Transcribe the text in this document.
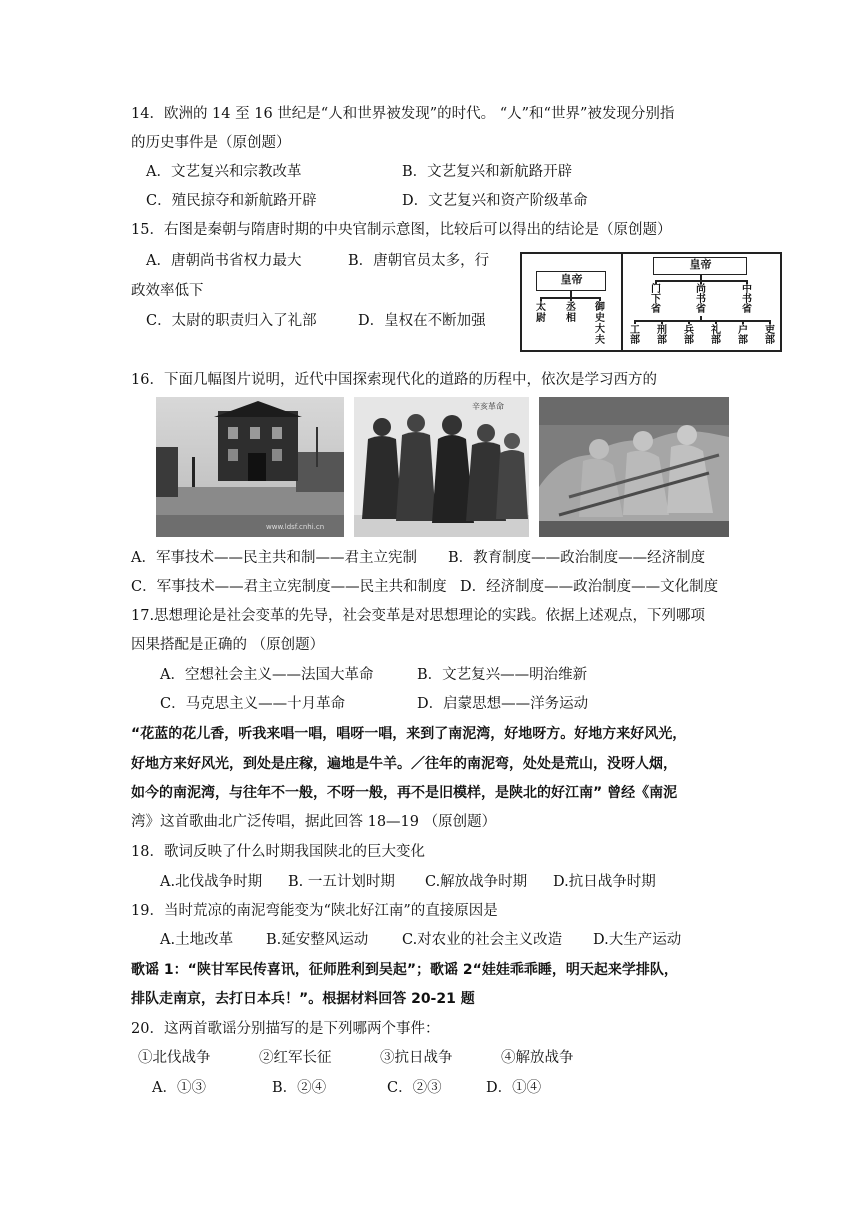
14．欧洲的 14 至 16 世纪是“人和世界被发现”的时代。 “人”和“世界”被发现分别指
的历史事件是（原创题）
A．文艺复兴和宗教改革	B．文艺复兴和新航路开辟
C．殖民掠夺和新航路开辟	D．文艺复兴和资产阶级革命
15．右图是秦朝与隋唐时期的中央官制示意图，比较后可以得出的结论是（原创题）
A．唐朝尚书省权力最大	B．唐朝官员太多，行
政效率低下
C．太尉的职责归入了礼部	D．皇权在不断加强
皇帝
太尉
丞相
御史大夫
皇帝
门下省
尚书省
中书省
工部
刑部
兵部
礼部
户部
吏部
16．下面几幅图片说明，近代中国探索现代化的道路的历程中，依次是学习西方的
www.ldsf.cnhi.cn
辛亥革命
A．军事技术——民主共和制——君主立宪制 B．教育制度——政治制度——经济制度
C．军事技术——君主立宪制度——民主共和制度 D．经济制度——政治制度——文化制度
17.思想理论是社会变革的先导，社会变革是对思想理论的实践。依据上述观点，下列哪项
因果搭配是正确的 （原创题）
A．空想社会主义——法国大革命	B．文艺复兴——明治维新
C．马克思主义——十月革命	D．启蒙思想——洋务运动
“花蓝的花儿香，听我来唱一唱，唱呀一唱，来到了南泥湾，好地呀方。好地方来好风光，
好地方来好风光，到处是庄稼，遍地是牛羊。／往年的南泥弯，处处是荒山，没呀人烟，
如今的南泥湾，与往年不一般，不呀一般，再不是旧模样，是陕北的好江南” 曾经《南泥
湾》这首歌曲北广泛传唱，据此回答 18—19 （原创题）
18．歌词反映了什么时期我国陕北的巨大变化
A.北伐战争时期 B. 一五计划时期 C.解放战争时期 D.抗日战争时期
19．当时荒凉的南泥弯能变为“陕北好江南”的直接原因是
A.土地改革 B.延安整风运动 C.对农业的社会主义改造 D.大生产运动
歌谣 1：“陕甘军民传喜讯，征师胜利到吴起”；歌谣 2“娃娃乖乖睡，明天起来学排队，
排队走南京，去打日本兵！”。根据材料回答 20-21 题
20．这两首歌谣分别描写的是下列哪两个事件：
①北伐战争	②红军长征	③抗日战争	④解放战争
A．①③	B．②④	C．②③	D．①④
